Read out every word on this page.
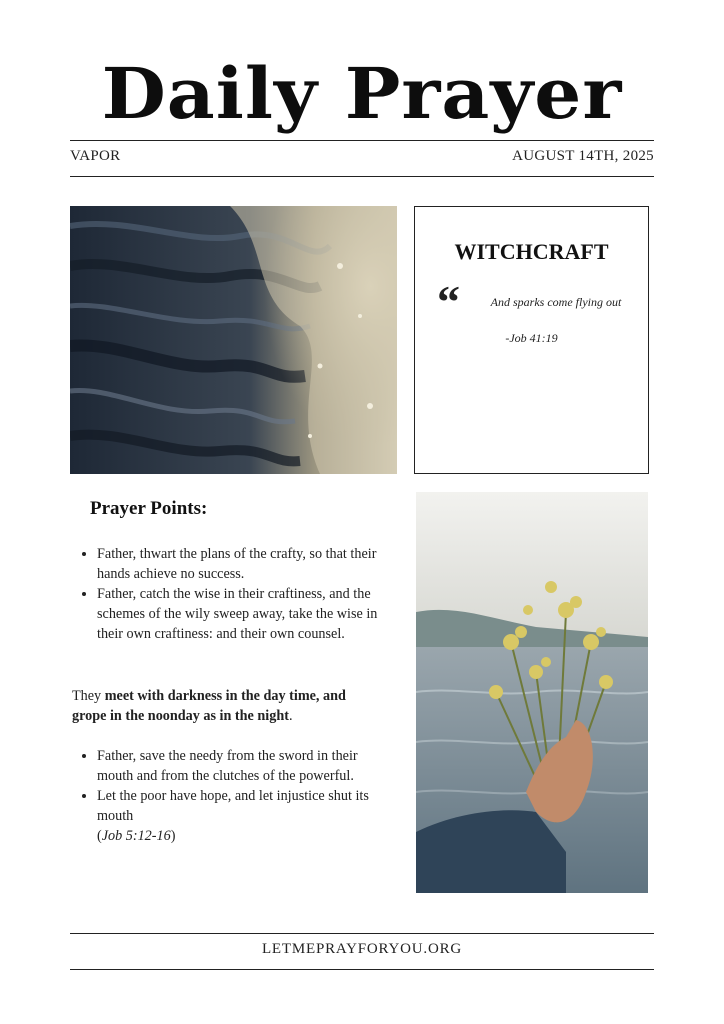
Daily Prayer
VAPOR	AUGUST 14TH, 2025
WITCHCRAFT
“	And sparks come flying out
-Job 41:19
Prayer Points:
• Father, thwart the plans of the crafty, so that their hands achieve no success.
• Father, catch the wise in their craftiness, and the schemes of the wily sweep away, take the wise in their own craftiness: and their own counsel.
They meet with darkness in the day time, and grope in the noonday as in the night.
• Father, save the needy from the sword in their mouth and from the clutches of the powerful.
• Let the poor have hope, and let injustice shut its mouth
(Job 5:12-16)
LETMEPRAYFORYOU.ORG
